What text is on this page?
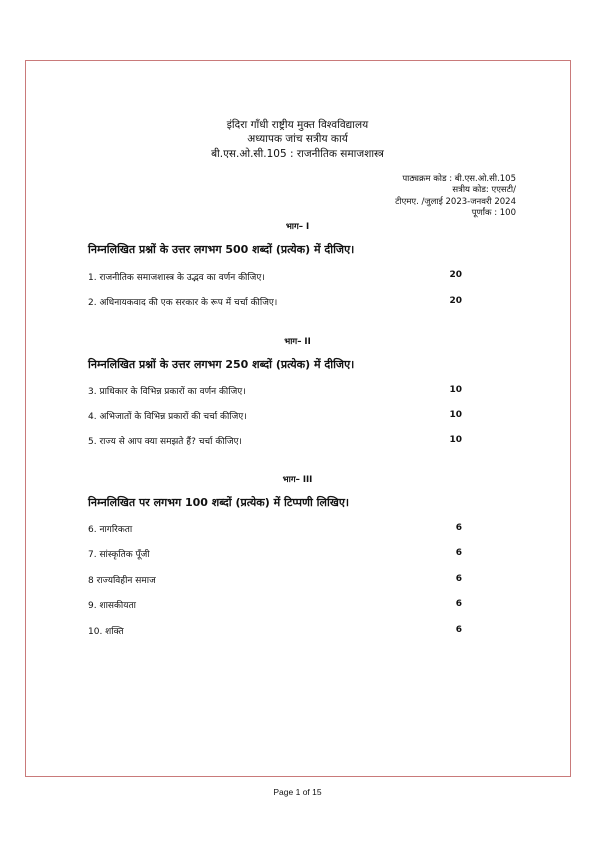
इंदिरा गाँधी राष्ट्रीय मुक्त विश्वविद्यालय
अध्यापक जांच सत्रीय कार्य
बी.एस.ओ.सी.105 : राजनीतिक समाजशास्त्र
पाठ्यक्रम कोड : बी.एस.ओ.सी.105
सत्रीय कोड: एएसटी/
टीएमए. /जुलाई 2023-जनवरी 2024
पूर्णांक : 100
भाग– I
निम्नलिखित प्रश्नों के उत्तर लगभग 500 शब्दों (प्रत्येक) में दीजिए।
1. राजनीतिक समाजशास्त्र के उद्भव का वर्णन कीजिए।	20
2. अधिनायकवाद की एक सरकार के रूप में चर्चा कीजिए।	20
भाग– II
निम्नलिखित प्रश्नों के उत्तर लगभग 250 शब्दों (प्रत्येक) में दीजिए।
3. प्राधिकार के विभिन्न प्रकारों का वर्णन कीजिए।	10
4. अभिजातों के विभिन्न प्रकारों की चर्चा कीजिए।	10
5. राज्य से आप क्या समझते हैं? चर्चा कीजिए।	10
भाग– III
निम्नलिखित पर लगभग 100 शब्दों (प्रत्येक) में टिप्पणी लिखिए।
6. नागरिकता	6
7. सांस्कृतिक पूँजी	6
8 राज्यविहीन समाज	6
9. शासकीयता	6
10. शक्ति	6
Page 1 of 15
